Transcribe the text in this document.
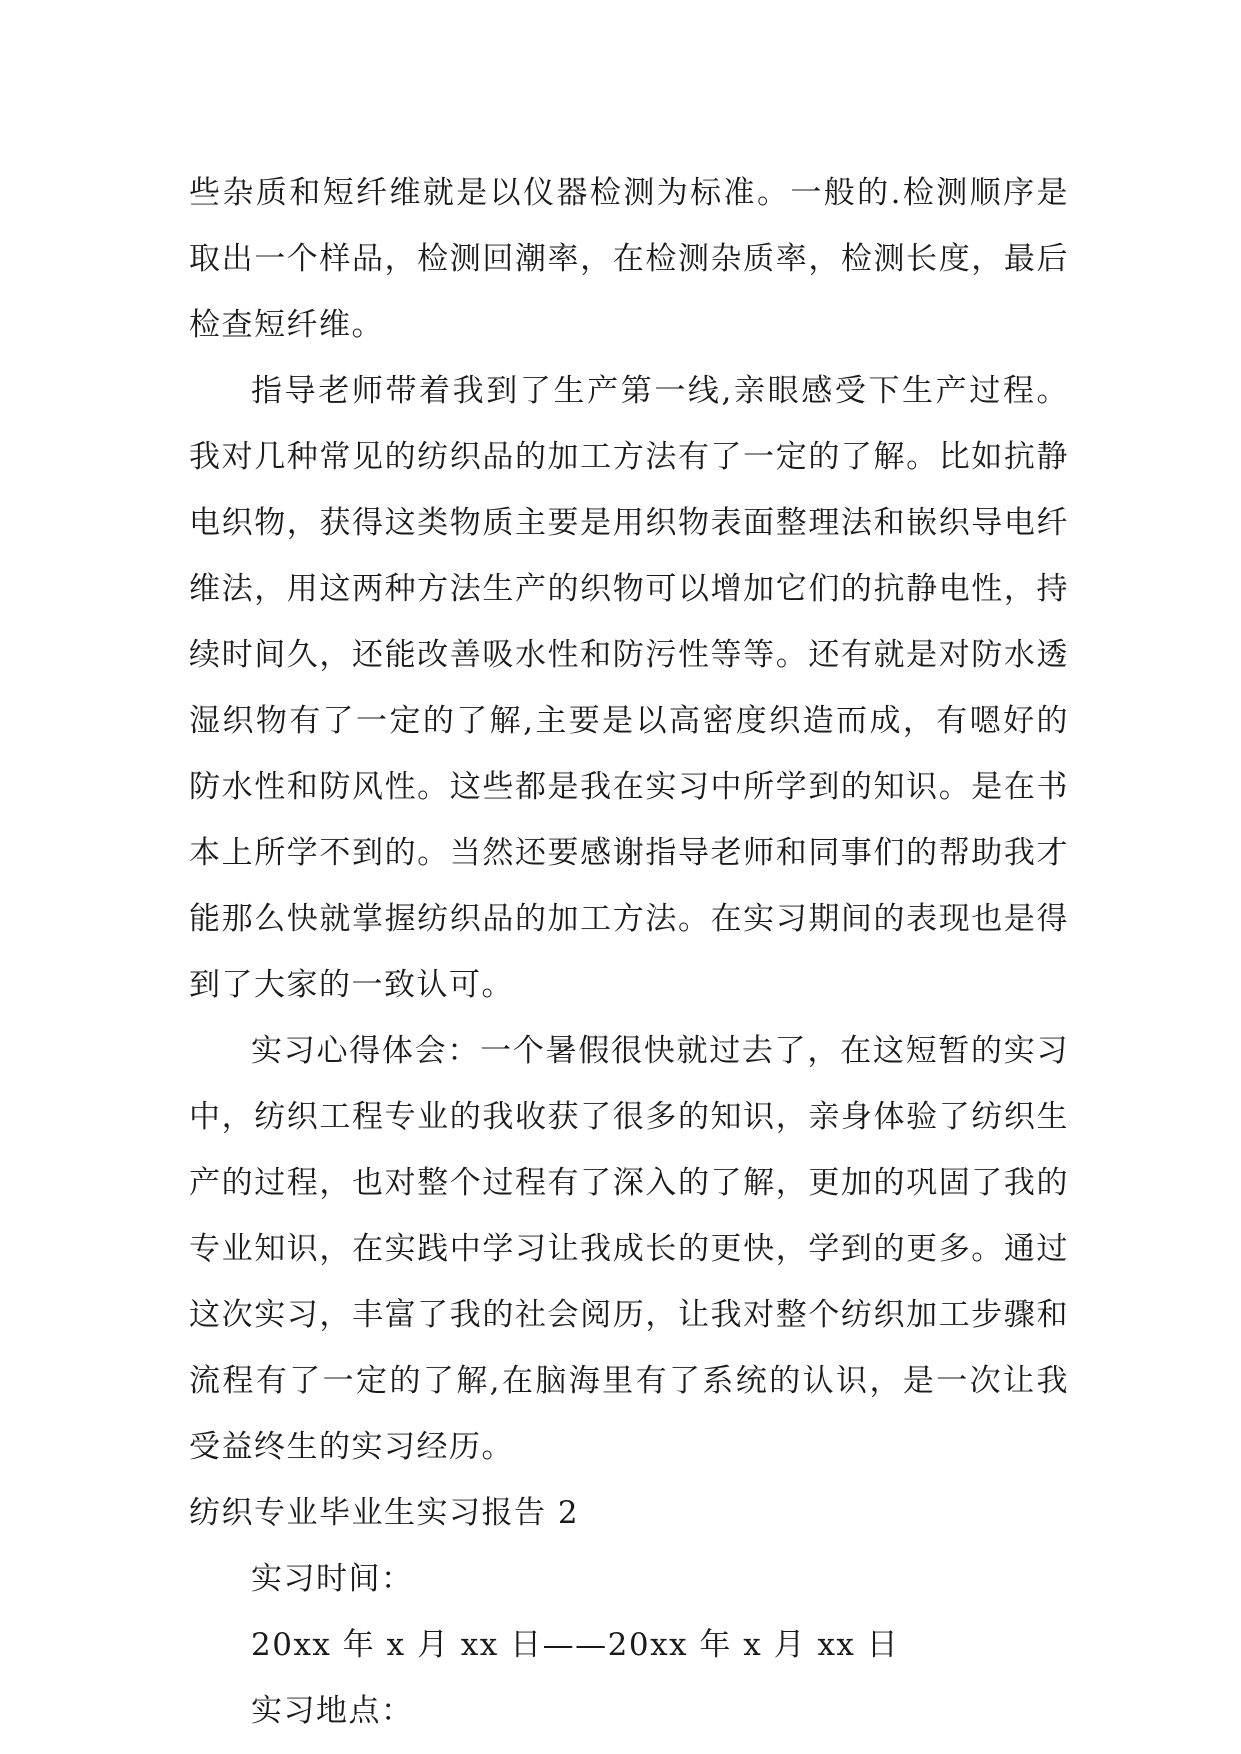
些杂质和短纤维就是以仪器检测为标准。一般的.检测顺序是取出一个样品，检测回潮率，在检测杂质率，检测长度，最后检查短纤维。

指导老师带着我到了生产第一线,亲眼感受下生产过程。我对几种常见的纺织品的加工方法有了一定的了解。比如抗静电织物，获得这类物质主要是用织物表面整理法和嵌织导电纤维法，用这两种方法生产的织物可以增加它们的抗静电性，持续时间久，还能改善吸水性和防污性等等。还有就是对防水透湿织物有了一定的了解,主要是以高密度织造而成，有嗯好的防水性和防风性。这些都是我在实习中所学到的知识。是在书本上所学不到的。当然还要感谢指导老师和同事们的帮助我才能那么快就掌握纺织品的加工方法。在实习期间的表现也是得到了大家的一致认可。

实习心得体会：一个暑假很快就过去了，在这短暂的实习中，纺织工程专业的我收获了很多的知识，亲身体验了纺织生产的过程，也对整个过程有了深入的了解，更加的巩固了我的专业知识，在实践中学习让我成长的更快，学到的更多。通过这次实习，丰富了我的社会阅历，让我对整个纺织加工步骤和流程有了一定的了解,在脑海里有了系统的认识，是一次让我受益终生的实习经历。

纺织专业毕业生实习报告 2

实习时间：

20xx 年 x 月 xx 日——20xx 年 x 月 xx 日

实习地点：
